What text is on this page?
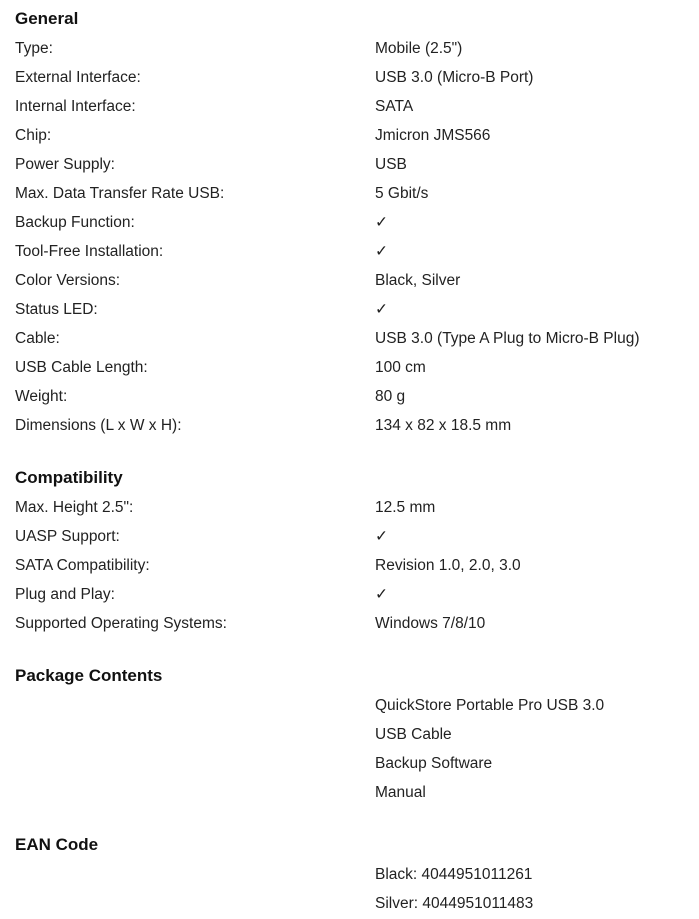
General
Type:	Mobile (2.5")
External Interface:	USB 3.0 (Micro-B Port)
Internal Interface:	SATA
Chip:	Jmicron JMS566
Power Supply:	USB
Max. Data Transfer Rate USB:	5 Gbit/s
Backup Function:	✓
Tool-Free Installation:	✓
Color Versions:	Black, Silver
Status LED:	✓
Cable:	USB 3.0 (Type A Plug to Micro-B Plug)
USB Cable Length:	100 cm
Weight:	80 g
Dimensions (L x W x H):	134 x 82 x 18.5 mm
Compatibility
Max. Height 2.5":	12.5 mm
UASP Support:	✓
SATA Compatibility:	Revision 1.0, 2.0, 3.0
Plug and Play:	✓
Supported Operating Systems:	Windows 7/8/10
Package Contents
QuickStore Portable Pro USB 3.0
USB Cable
Backup Software
Manual
EAN Code
Black: 4044951011261
Silver: 4044951011483
